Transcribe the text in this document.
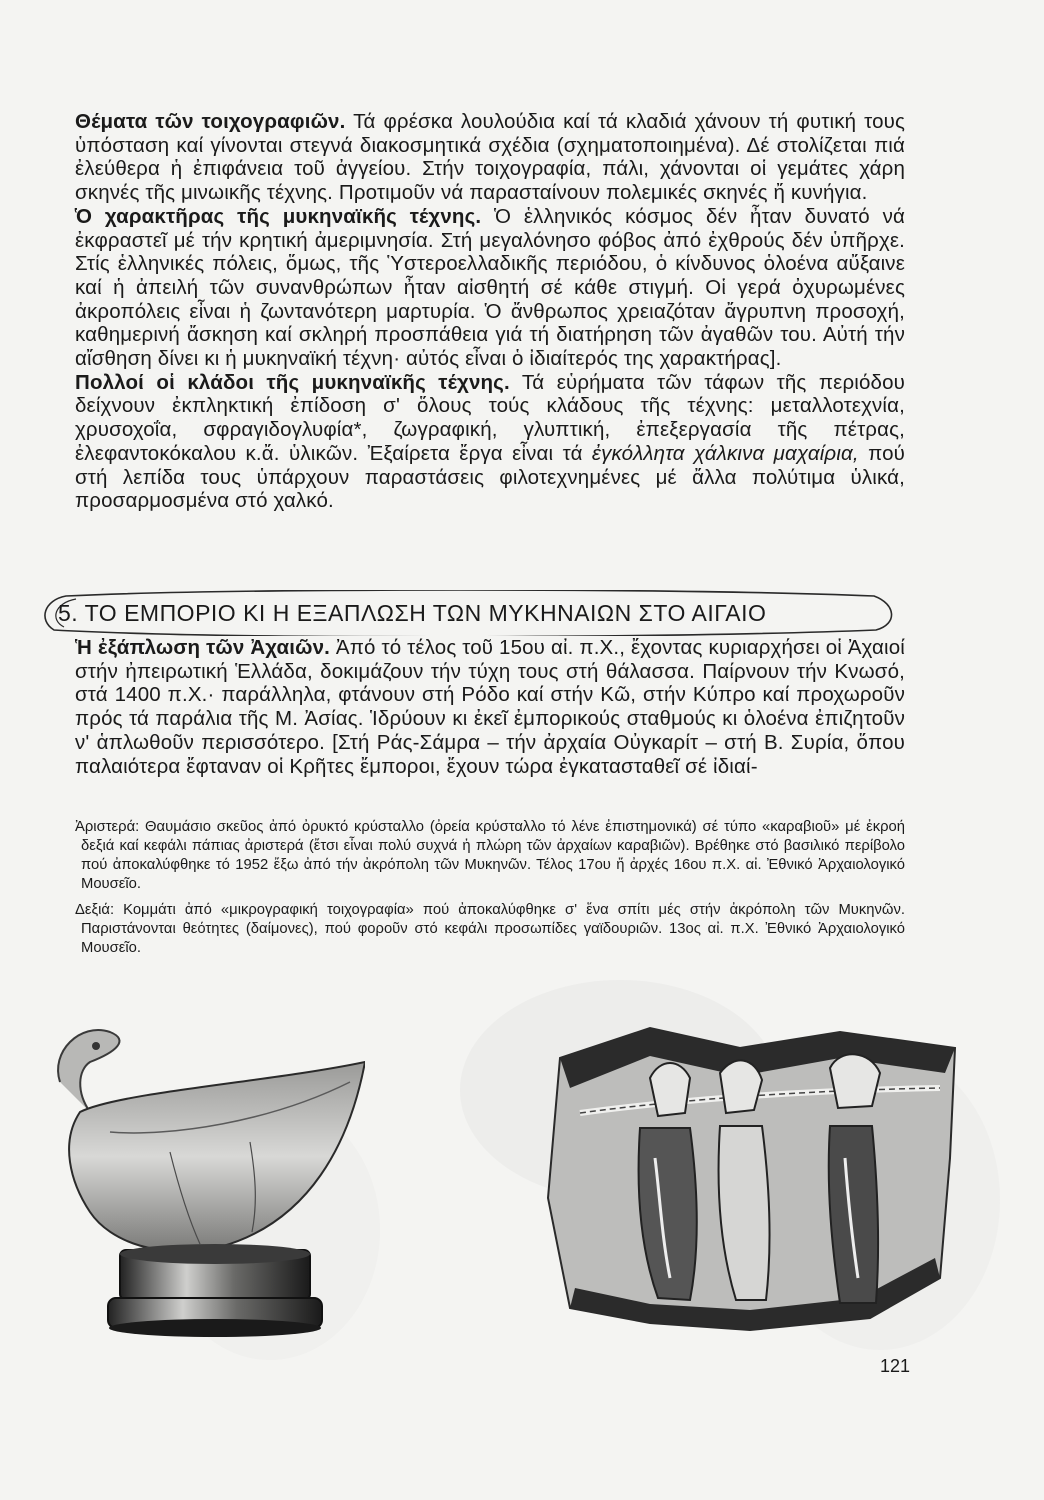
Θέματα τῶν τοιχογραφιῶν. Τά φρέσκα λουλούδια καί τά κλαδιά χάνουν τή φυτική τους ὑπόσταση καί γίνονται στεγνά διακοσμητικά σχέδια (σχηματοποιημένα). Δέ στολίζεται πιά ἐλεύθερα ἡ ἐπιφάνεια τοῦ ἀγγείου. Στήν τοιχογραφία, πάλι, χάνονται οἱ γεμάτες χάρη σκηνές τῆς μινωικῆς τέχνης. Προτιμοῦν νά παρασταίνουν πολεμικές σκηνές ἤ κυνήγια.

Ὁ χαρακτῆρας τῆς μυκηναϊκῆς τέχνης. Ὁ ἑλληνικός κόσμος δέν ἦταν δυνατό νά ἐκφραστεῖ μέ τήν κρητική ἀμεριμνησία. Στή μεγαλόνησο φόβος ἀπό ἐχθρούς δέν ὑπῆρχε. Στίς ἑλληνικές πόλεις, ὅμως, τῆς Ὑστεροελλαδικῆς περιόδου, ὁ κίνδυνος ὁλοένα αὔξαινε καί ἡ ἀπειλή τῶν συνανθρώπων ἦταν αἰσθητή σέ κάθε στιγμή. Οἱ γερά ὀχυρωμένες ἀκροπόλεις εἶναι ἡ ζωντανότερη μαρτυρία. Ὁ ἄνθρωπος χρειαζόταν ἄγρυπνη προσοχή, καθημερινή ἄσκηση καί σκληρή προσπάθεια γιά τή διατήρηση τῶν ἀγαθῶν του. Αὐτή τήν αἴσθηση δίνει κι ἡ μυκηναϊκή τέχνη· αὐτός εἶναι ὁ ἰδιαίτερός της χαρακτήρας].

Πολλοί οἱ κλάδοι τῆς μυκηναϊκῆς τέχνης. Τά εὑρήματα τῶν τάφων τῆς περιόδου δείχνουν ἐκπληκτική ἐπίδοση σ' ὅλους τούς κλάδους τῆς τέχνης: μεταλλοτεχνία, χρυσοχοΐα, σφραγιδογλυφία*, ζωγραφική, γλυπτική, ἐπεξεργασία τῆς πέτρας, ἐλεφαντοκόκαλου κ.ἄ. ὑλικῶν. Ἐξαίρετα ἔργα εἶναι τά ἐγκόλλητα χάλκινα μαχαίρια, πού στή λεπίδα τους ὑπάρχουν παραστάσεις φιλοτεχνημένες μέ ἄλλα πολύτιμα ὑλικά, προσαρμοσμένα στό χαλκό.

5. ΤΟ ΕΜΠΟΡΙΟ ΚΙ Η ΕΞΑΠΛΩΣΗ ΤΩΝ ΜΥΚΗΝΑΙΩΝ ΣΤΟ ΑΙΓΑΙΟ

Ἡ ἐξάπλωση τῶν Ἀχαιῶν. Ἀπό τό τέλος τοῦ 15ου αἰ. π.Χ., ἔχοντας κυριαρχήσει οἱ Ἀχαιοί στήν ἠπειρωτική Ἑλλάδα, δοκιμάζουν τήν τύχη τους στή θάλασσα. Παίρνουν τήν Κνωσό, στά 1400 π.Χ.· παράλληλα, φτάνουν στή Ρόδο καί στήν Κῶ, στήν Κύπρο καί προχωροῦν πρός τά παράλια τῆς Μ. Ἀσίας. Ἱδρύουν κι ἐκεῖ ἐμπορικούς σταθμούς κι ὁλοένα ἐπιζητοῦν ν' ἁπλωθοῦν περισσότερο. [Στή Ράς-Σάμρα – τήν ἀρχαία Οὐγκαρίτ – στή Β. Συρία, ὅπου παλαιότερα ἔφταναν οἱ Κρῆτες ἔμποροι, ἔχουν τώρα ἐγκατασταθεῖ σέ ἰδιαί-

Ἀριστερά: Θαυμάσιο σκεῦος ἀπό ὀρυκτό κρύσταλλο (ὀρεία κρύσταλλο τό λένε ἐπιστημονικά) σέ τύπο «καραβιοῦ» μέ ἐκροή δεξιά καί κεφάλι πάπιας ἀριστερά (ἔτσι εἶναι πολύ συχνά ἡ πλώρη τῶν ἀρχαίων καραβιῶν). Βρέθηκε στό βασιλικό περίβολο πού ἀποκαλύφθηκε τό 1952 ἔξω ἀπό τήν ἀκρόπολη τῶν Μυκηνῶν. Τέλος 17ου ἤ ἀρχές 16ου π.Χ. αἰ. Ἐθνικό Ἀρχαιολογικό Μουσεῖο.

Δεξιά: Κομμάτι ἀπό «μικρογραφική τοιχογραφία» πού ἀποκαλύφθηκε σ' ἕνα σπίτι μές στήν ἀκρόπολη τῶν Μυκηνῶν. Παριστάνονται θεότητες (δαίμονες), πού φοροῦν στό κεφάλι προσωπίδες γαϊδουριῶν. 13ος αἰ. π.Χ. Ἐθνικό Ἀρχαιολογικό Μουσεῖο.

121
